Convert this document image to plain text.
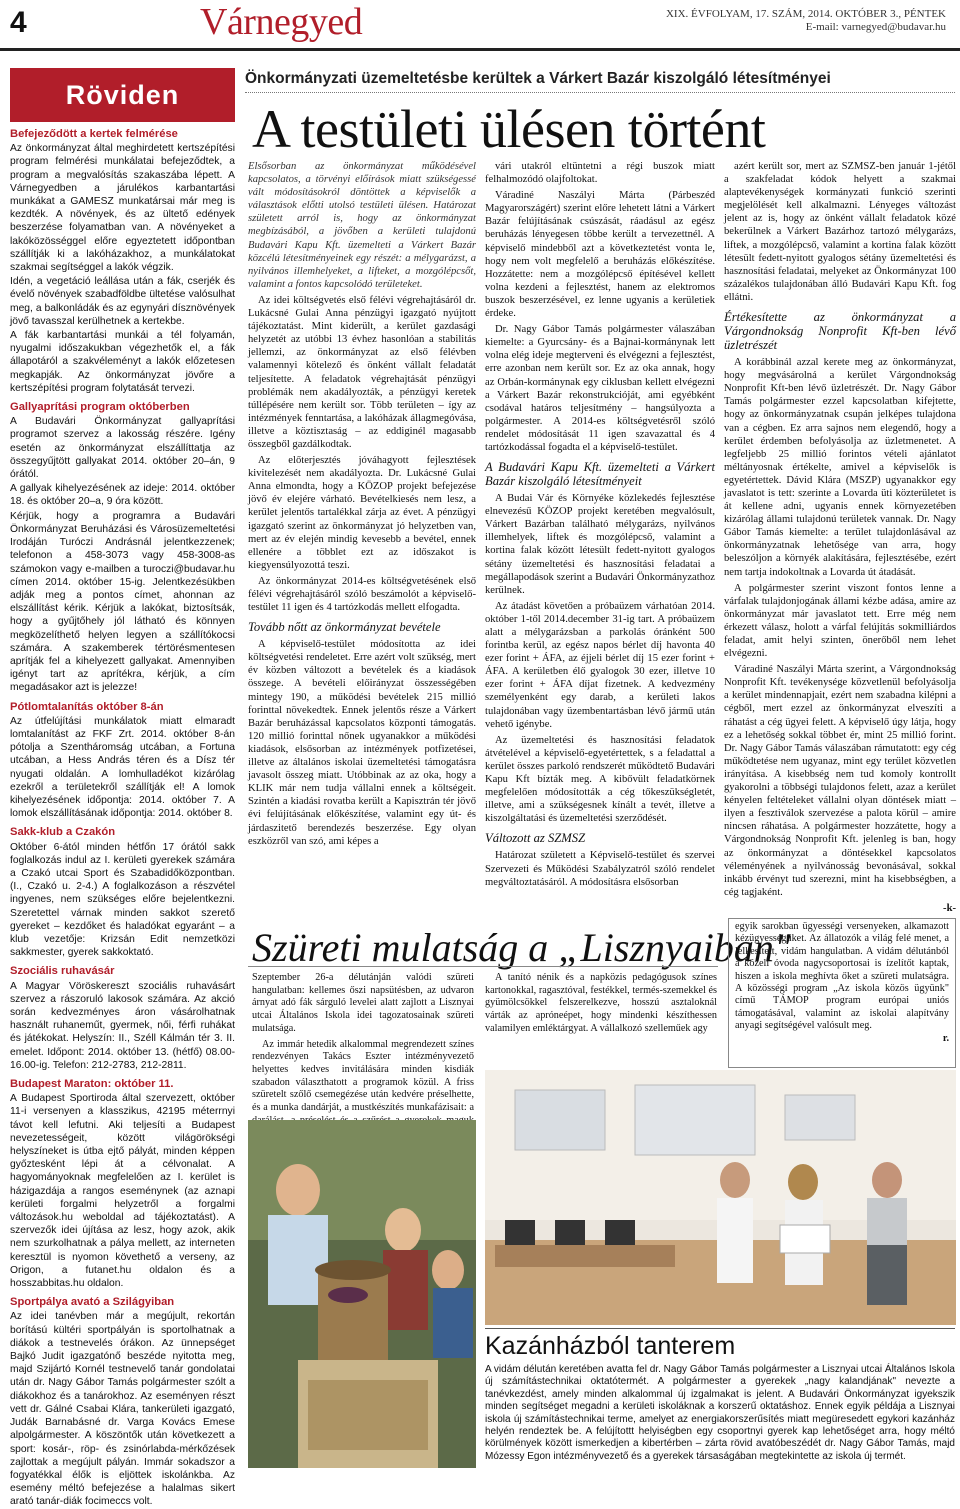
4	Várnegyed	XIX. ÉVFOLYAM, 17. SZÁM, 2014. OKTÓBER 3., PÉNTEK
E-mail: varnegyed@budavar.hu
Röviden
Befejeződött a kertek felmérése

Az önkormányzat által meghirdetett kertszépítési program felmérési munkálatai befejeződtek, a program a megvalósítás szakaszába lépett. A Várnegyedben a járulékos karbantartási munkákat a GAMESZ munkatársai már meg is kezdték. A növények, és az ültető edények beszerzése folyamatban van. A növényeket a lakóközösséggel előre egyeztetett időpontban szállítják ki a lakóházakhoz, a munkálatokat szakmai segítséggel a lakók végzik.

Idén, a vegetáció leállása után a fák, cserjék és évelő növények szabadföldbe ültetése valósulhat meg, a balkonládák és az egynyári dísznövények jövő tavasszal kerülhetnek a kertekbe.

A fák karbantartási munkái a tél folyamán, nyugalmi időszakukban végezhetők el, a fák állapotáról a szakvéleményt a lakók előzetesen megkapják. Az önkormányzat jövőre a kertszépítési program folytatását tervezi.

Gallyaprítási program októberben

A Budavári Önkormányzat gallyaprítási programot szervez a lakosság részére. Igény esetén az önkormányzat elszállíttatja az összegyűjtött gallyakat 2014. október 20–án, 9 órától.

A gallyak kihelyezésének az ideje: 2014. október 18. és október 20–a, 9 óra között.

Kérjük, hogy a programra a Budavári Önkormányzat Beruházási és Városüzemeltetési Irodáján Turóczi Andrásnál jelentkezzenek; telefonon a 458-3073 vagy 458-3008-as számokon vagy e-mailben a turoczi@budavar.hu címen 2014. október 15-ig. Jelentkezésükben adják meg a pontos címet, ahonnan az elszállítást kérik. Kérjük a lakókat, biztosítsák, hogy a gyűjtőhely jól látható és könnyen megközelíthető helyen legyen a szállítókocsi számára. A szakemberek tértörésmentesen aprítják fel a kihelyezett gallyakat. Amennyiben igényt tart az aprítékra, kérjük, a cím megadásakor azt is jelezze!

Pótlomtalanítás október 8-án

Az útfelújítási munkálatok miatt elmaradt lomtalanítást az FKF Zrt. 2014. október 8-án pótolja a Szentháromság utcában, a Fortuna utcában, a Hess András téren és a Dísz tér nyugati oldalán. A lomhulladékot kizárólag ezekről a területekről szállítják el! A lomok kihelyezésének időpontja: 2014. október 7. A lomok elszállításának időpontja: 2014. október 8.

Sakk-klub a Czakón

Október 6-ától minden hétfőn 17 órától sakk foglalkozás indul az I. kerületi gyerekek számára a Czakó utcai Sport és Szabadidőközpontban. (I., Czakó u. 2-4.) A foglalkozáson a részvétel ingyenes, nem szükséges előre bejelentkezni. Szeretettel várnak minden sakkot szerető gyereket – kezdőket és haladókat egyaránt – a klub vezetője: Krizsán Edit nemzetközi sakkmester, gyerek sakkoktató.

Szociális ruhavásár

A Magyar Vöröskereszt szociális ruhavásárt szervez a rászoruló lakosok számára. Az akció során kedvezményes áron vásárolhatnak használt ruhaneműt, gyermek, női, férfi ruhákat és játékokat. Helyszín: II., Széll Kálmán tér 3. II. emelet. Időpont: 2014. október 13. (hétfő) 08.00-16.00-ig. Telefon: 212-2783, 212-2811.

Budapest Maraton: október 11.

A Budapest Sportiroda által szervezett, október 11-i versenyen a klasszikus, 42195 méterrnyi távot kell lefutni. Aki teljesíti a Budapest nevezetességeit, között világörökségi helyszíneket is útba ejtő pályát, minden képpen győztesként lépi át a célvonalat. A hagyományoknak megfelelően az I. kerület is házigazdája a rangos eseménynek (az aznapi kerületi forgalmi helyzetről a forgalmi változások.hu weboldal ad tájékoztatást). A szervezők idei újítása az lesz, hogy azok, akik nem szurkolhatnak a pálya mellett, az interneten keresztül is nyomon követhető a verseny, az Origon, a futanet.hu oldalon és a hosszabbitas.hu oldalon.

Sportpálya avató a Szilágyiban

Az idei tanévben már a megújult, rekortán borítású kültéri sportpályán is sportolhatnak a diákok a testnevelés órákon. Az ünnepséget Bajkó Judit igazgatónő beszéde nyitotta meg, majd Szijártó Kornél testnevelő tanár gondolatai után dr. Nagy Gábor Tamás polgármester szólt a diákokhoz és a tanárokhoz. Az eseményen részt vett dr. Gálné Csabai Klára, tankerületi igazgató, Judák Barnabásné dr. Varga Kovács Emese alpolgármester. A köszöntők után következett a sport: kosár-, röp- és zsinórlabda-mérkőzések zajlottak a megújult pályán. Immár sokadszor a fogyatékkal élők is eljöttek iskolánkba. Az esemény méltó befejezése a halalmas sikert arató tanár-diák focimeccs volt.

Önkormányzati üzemeltetésbe kerültek a Várkert Bazár kiszolgáló létesítményei
A testületi ülésen történt

Elsősorban az önkormányzat működésével kapcsolatos, a törvényi előírások miatt szükségessé vált módosításokról döntöttek a képviselők a választások előtti utolsó testületi ülésen. Határozat született arról is, hogy az önkormányzat megbízásából, a jövőben a kerületi tulajdonú Budavári Kapu Kft. üzemelteti a Várkert Bazár közcélú létesítményeinek egy részét: a mélygarázst, a nyilvános illemhelyeket, a lifteket, a mozgólépcsőt, valamint a fontos kapcsolódó területeket.

Az idei költségvetés első félévi végrehajtásáról dr. Lukácsné Gulai Anna pénzügyi igazgató nyújtott tájékoztatást. Mint kiderült, a kerület gazdasági helyzetét az utóbbi 13 évhez hasonlóan a stabilitás jellemzi, az önkormányzat az első félévben valamennyi kötelező és önként vállalt feladatát teljesítette. A feladatok végrehajtását pénzügyi problémák nem akadályozták, a pénzügyi keretek túllépésére nem került sor. Több területen – így az intézmények fenntartása, a lakóházak állagmegóvása, illetve a köztisztaság – az eddiginél magasabb összegből gazdálkodtak.

Az előterjesztés jóváhagyott fejlesztések kivitelezését nem akadályozta. Dr. Lukácsné Gulai Anna elmondta, hogy a KÖZOP projekt befejezése jövő év elejére várható. Bevételkiesés nem lesz, a kerület jelentős tartalékkal zárja az évet. A pénzügyi igazgató szerint az önkormányzat jó helyzetben van, mert az év elején mindig kevesebb a bevétel, ennek ellenére a többlet ezt az időszakot is kiegyensúlyozottá teszi.

Az önkormányzat 2014-es költségvetésének első félévi végrehajtásáról szóló beszámolót a képviselő-testület 11 igen és 4 tartózkodás mellett elfogadta.

Tovább nőtt az önkormányzat bevétele

A képviselő-testület módosította az idei költségvetési rendeletet. Erre azért volt szükség, mert év közben változott a bevételek és a kiadások összege. A bevételi előirányzat összességében mintegy 190, a működési bevételek 215 millió forinttal növekedtek. Ennek jelentős része a Várkert Bazár beruházással kapcsolatos központi támogatás. 120 millió forinttal nőnek ugyanakkor a működési kiadások, elsősorban az intézmények potfizetései, illetve az általános iskolai üzemeltetési támogatásra javasolt összeg miatt. Utóbbinak az az oka, hogy a KLIK már nem tudja vállalni ennek a költségeit. Szintén a kiadási rovatba került a Kapisztrán tér jövő évi felújításának előkészítése, valamint egy út- és járdaszitető berendezés beszerzése. Egy olyan eszközről van szó, ami képes a

vári utakról eltüntetni a régi buszok miatt felhalmozódó olajfoltokat.

Váradiné Naszályi Márta (Párbeszéd Magyarországért) szerint előre lehetett látni a Várkert Bazár felújításának csúszását, ráadásul az egész beruházás lényegesen többe került a tervezettnél. A képviselő mindebből azt a következtetést vonta le, hogy nem volt megfelelő a beruházás előkészítése. Hozzátette: nem a mozgólépcső építésével kellett volna kezdeni a fejlesztést, hanem az elektromos buszok beszerzésével, ez lenne ugyanis a kerületiek érdeke.

Dr. Nagy Gábor Tamás polgármester válaszában kiemelte: a Gyurcsány- és a Bajnai-kormánynak lett volna elég ideje megterveni és elvégezni a fejlesztést, erre azonban nem került sor. Ez az oka annak, hogy az Orbán-kormánynak egy ciklusban kellett elvégezni a Várkert Bazár rekonstrukcióját, ami egyébként csodával határos teljesítmény – hangsúlyozta a polgármester. A 2014-es költségvetésről szóló rendelet módosítását 11 igen szavazattal és 4 tartózkodással fogadta el a képviselő-testület.

A Budavári Kapu Kft. üzemelteti a Várkert Bazár kiszolgáló létesítményeit

A Budai Vár és Környéke közlekedés fejlesztése elnevezésű KÖZOP projekt keretében megvalósult, Várkert Bazárban található mélygarázs, nyilvános illemhelyek, liftek és mozgólépcső, valamint a kortina falak között létesült fedett-nyitott gyalogos sétány üzemeltetési és hasznosítási feladatai a megállapodások szerint a Budavári Önkormányzathoz kerülnek.

Az átadást követően a próbaüzem várhatóan 2014. október 1-től 2014.december 31-ig tart. A próbaüzem alatt a mélygarázsban a parkolás óránként 500 forintba kerül, az egész napos bérlet díj havonta 40 ezer forint + ÁFA, az éjjeli bérlet díj 15 ezer forint + ÁFA. A kerületben élő gyalogok 30 ezer, illetve 10 ezer forint + ÁFA díjat fizetnek. A kedvezmény személyenként egy darab, a kerületi lakos tulajdonában vagy üzembentartásban lévő jármű után vehető igénybe.

Az üzemeltetési és hasznosítási feladatok átvételével a képviselő-egyetértettek, s a feladattal a kerület összes parkoló rendszerét működtető Budavári Kapu Kft bízták meg. A kibővült feladatkörnek megfelelően módosították a cég tőkeszükségletét, illetve, ami a szükségesnek kínált a tevét, illetve a kiszolgáltatási és üzemeltetési szerződését.

Változott az SZMSZ

Határozat született a Képviselő-testület és szervei Szervezeti és Működési Szabályzatról szóló rendelet megváltoztatásáról. A módosításra elsősorban

azért került sor, mert az SZMSZ-ben január 1-jétől a szakfeladat kódok helyett a szakmai alaptevékenységek kormányzati funkció szerinti megjelölését kell alkalmazni. Lényeges változást jelent az is, hogy az önként vállalt feladatok közé bekerülnek a Várkert Bazárhoz tartozó mélygarázs, liftek, a mozgólépcső, valamint a kortina falak között létesült fedett-nyitott gyalogos sétány üzemeltetési és hasznosítási feladatai, melyeket az Önkormányzat 100 százalékos tulajdonában álló Budavári Kapu Kft. fog ellátni.

Értékesítette az önkormányzat a Várgondnokság Nonprofit Kft-ben lévő üzletrészét

A korábbinál azzal kerete meg az önkormányzat, hogy megvásárolná a kerület Várgondnokság Nonprofit Kft-ben lévő üzletrészét. Dr. Nagy Gábor Tamás polgármester ezzel kapcsolatban kifejtette, hogy az önkormányzatnak csupán jelképes tulajdona van a cégben. Ez arra sajnos nem elegendő, hogy a kerület érdemben befolyásolja az üzletmenetet. A legfeljebb 25 millió forintos vételi ajánlatot méltányosnak értékelte, amivel a képviselők is egyetértettek. Dávid Klára (MSZP) ugyanakkor egy javaslatot is tett: szerinte a Lovarda üti közterületet is át kellene adni, ugyanis ennek környezetében kizárólag állami tulajdonú területek vannak. Dr. Nagy Gábor Tamás kiemelte: a terület tulajdonlásával az önkormányzatnak lehetősége van arra, hogy beleszóljon a környék alakítására, fejlesztésébe, ezért nem tartja indokoltnak a Lovarda út átadását.

A polgármester szerint viszont fontos lenne a várfalak tulajdonjogának állami kézbe adása, amire az önkormányzat már javaslatot tett. Erre még nem érkezett válasz, holott a várfal felújítás sokmilliárdos feladat, amit helyi szinten, önerőből nem lehet elvégezni.

Váradiné Naszályi Márta szerint, a Várgondnokság Nonprofit Kft. tevékenysége közvetlenül befolyásolja a kerület mindennapjait, ezért nem szabadna kilépni a cégből, mert ezzel az önkormányzat elveszíti a ráhatást a cég ügyei felett. A képviselő úgy látja, hogy ez a lehetőség sokkal többet ér, mint 25 millió forint. Dr. Nagy Gábor Tamás válaszában rámutatott: egy cég működtetése nem ugyanaz, mint egy terület közvetlen irányítása. A kisebbség nem tud komoly kontrollt gyakorolni a többségi tulajdonos felett, azaz a kerület kényelen feltételeket vállalni olyan döntések miatt – ilyen a fesztiválok szervezése a palota körül – amire nincsen ráhatása. A polgármester hozzátette, hogy a Várgondnokság Nonprofit Kft. jelenleg is ban, hogy az önkormányzat a döntésekkel kapcsolatos véleményének a nyilvánosság bevonásával, sokkal inkább érvényt tud szerezni, mint ha kisebbségben, a cég tagjaként.

-k-
Szüreti mulatság a „Lisznyaiban"

Szeptember 26-a délutánján valódi szüreti hangulatban: kellemes őszi napsütésben, az udvaron árnyat adó fák sárguló levelei alatt zajlott a Lisznyai utcai Általános Iskola idei tagozatosainak szüreti mulatsága.

Az immár hetedik alkalommal megrendezett színes rendezvényen Takács Eszter intézményvezető helyettes kedves invitálására minden kisdiák szabadon választhatott a programok közül. A friss szüretelt szőlő csemegézése után kedvére préselhette, és a munka dandárját, a mustkészítés munkafázisait: a

A tanító nénik és a napközis pedagógusok színes kartonokkal, ragasztóval, festékkel, termés-szemekkel és gyümölcsökkel felszerelkezve, hosszú asztaloknál várták az apróneépet, hogy mindenki készíthessen valamilyen emléktárgyat. A vállalkozó szelleműek agy

egyik sarokban ügyességi versenyeken, alkamazott kézügyességüket. Az állatozók a világ felé menet, a lelkesített, vidám hangulatban. A vidám délutánból a közeli óvoda nagycsoportosai is ízelítőt kaptak, hiszen a iskola meghívta őket a szüreti mulatságra. A közösségi program „Az iskola közös ügyünk" című TÁMOP program európai uniós támogatásával, valamint az iskolai alapítvány anyagi segítségével valósult meg.
r.
Kazánházból tanterem
A vidám délután keretében avatta fel dr. Nagy Gábor Tamás polgármester a Lisznyai utcai Általános Iskola új számítástechnikai oktatótermét. A polgármester a gyerekek „nagy kalandjának" nevezte a tanévkezdést, amely minden alkalommal új izgalmakat is jelent. A Budavári Önkormányzat igyekszik minden segítséget megadni a kerületi iskoláknak a korszerű oktatáshoz. Ennek egyik példája a Lisznyai iskola új számítástechnikai terme, amelyet az energiakorszerűsítés miatt megüresedett egykori kazánház helyén rendeztek be. A felújítottt helyiségben egy csoportnyi gyerek kap lehetőséget arra, hogy méltó körülmények között ismerkedjen a kibertérben – zárta rövid avatóbeszédét dr. Nagy Gábor Tamás, majd Mózessy Egon intézményvezető és a gyerekek társaságában megtekintette az iskola új termét.
